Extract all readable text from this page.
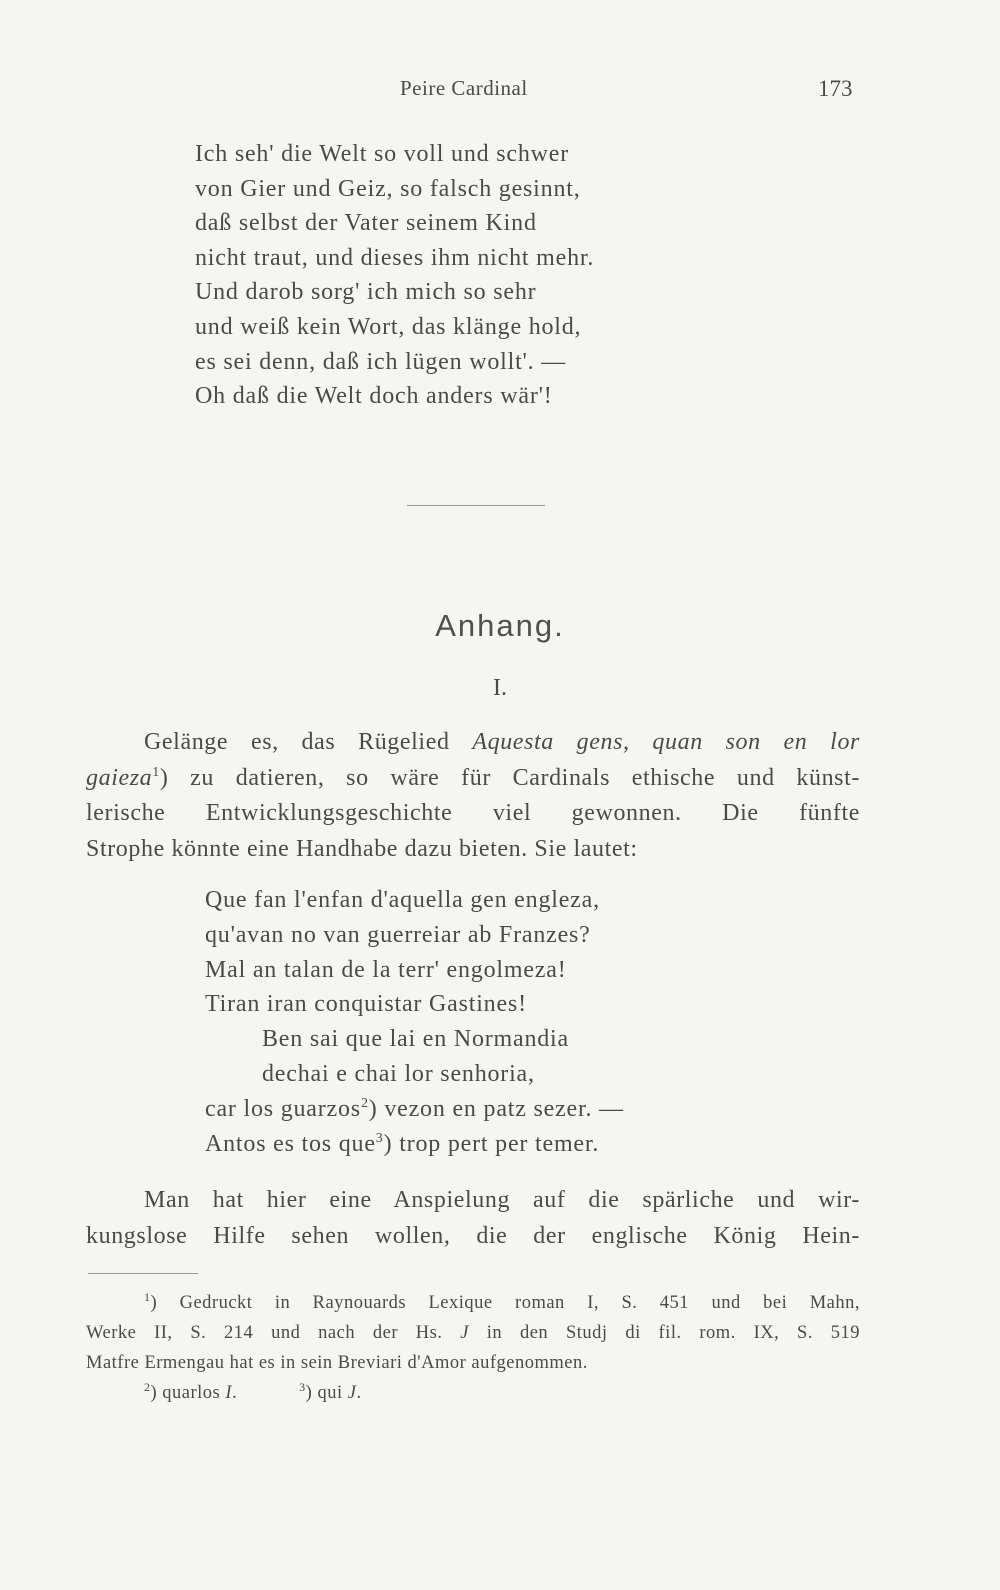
Peire Cardinal	173
Ich seh' die Welt so voll und schwer
von Gier und Geiz, so falsch gesinnt,
daß selbst der Vater seinem Kind
nicht traut, und dieses ihm nicht mehr.
Und darob sorg' ich mich so sehr
und weiß kein Wort, das klänge hold,
es sei denn, daß ich lügen wollt'. —
Oh daß die Welt doch anders wär'!
Anhang.
I.
Gelänge es, das Rügelied Aquesta gens, quan son en lor
gaieza$^1$) zu datieren, so wäre für Cardinals ethische und künst-
lerische Entwicklungsgeschichte viel gewonnen. Die fünfte
Strophe könnte eine Handhabe dazu bieten. Sie lautet:
Que fan l'enfan d'aquella gen engleza,
qu'avan no van guerreiar ab Franzes?
Mal an talan de la terr' engolmeza!
Tiran iran conquistar Gastines!
Ben sai que lai en Normandia
dechai e chai lor senhoria,
car los guarzos$^2$) vezon en patz sezer. —
Antos es tos que$^3$) trop pert per temer.
Man hat hier eine Anspielung auf die spärliche und wir-
kungslose Hilfe sehen wollen, die der englische König Hein-
$^1$) Gedruckt in Raynouards Lexique roman I, S. 451 und bei Mahn,
Werke II, S. 214 und nach der Hs. J in den Studj di fil. rom. IX, S. 519
Matfre Ermengau hat es in sein Breviari d'Amor aufgenommen.
$^2$) quarlos I.	$^3$) qui J.
